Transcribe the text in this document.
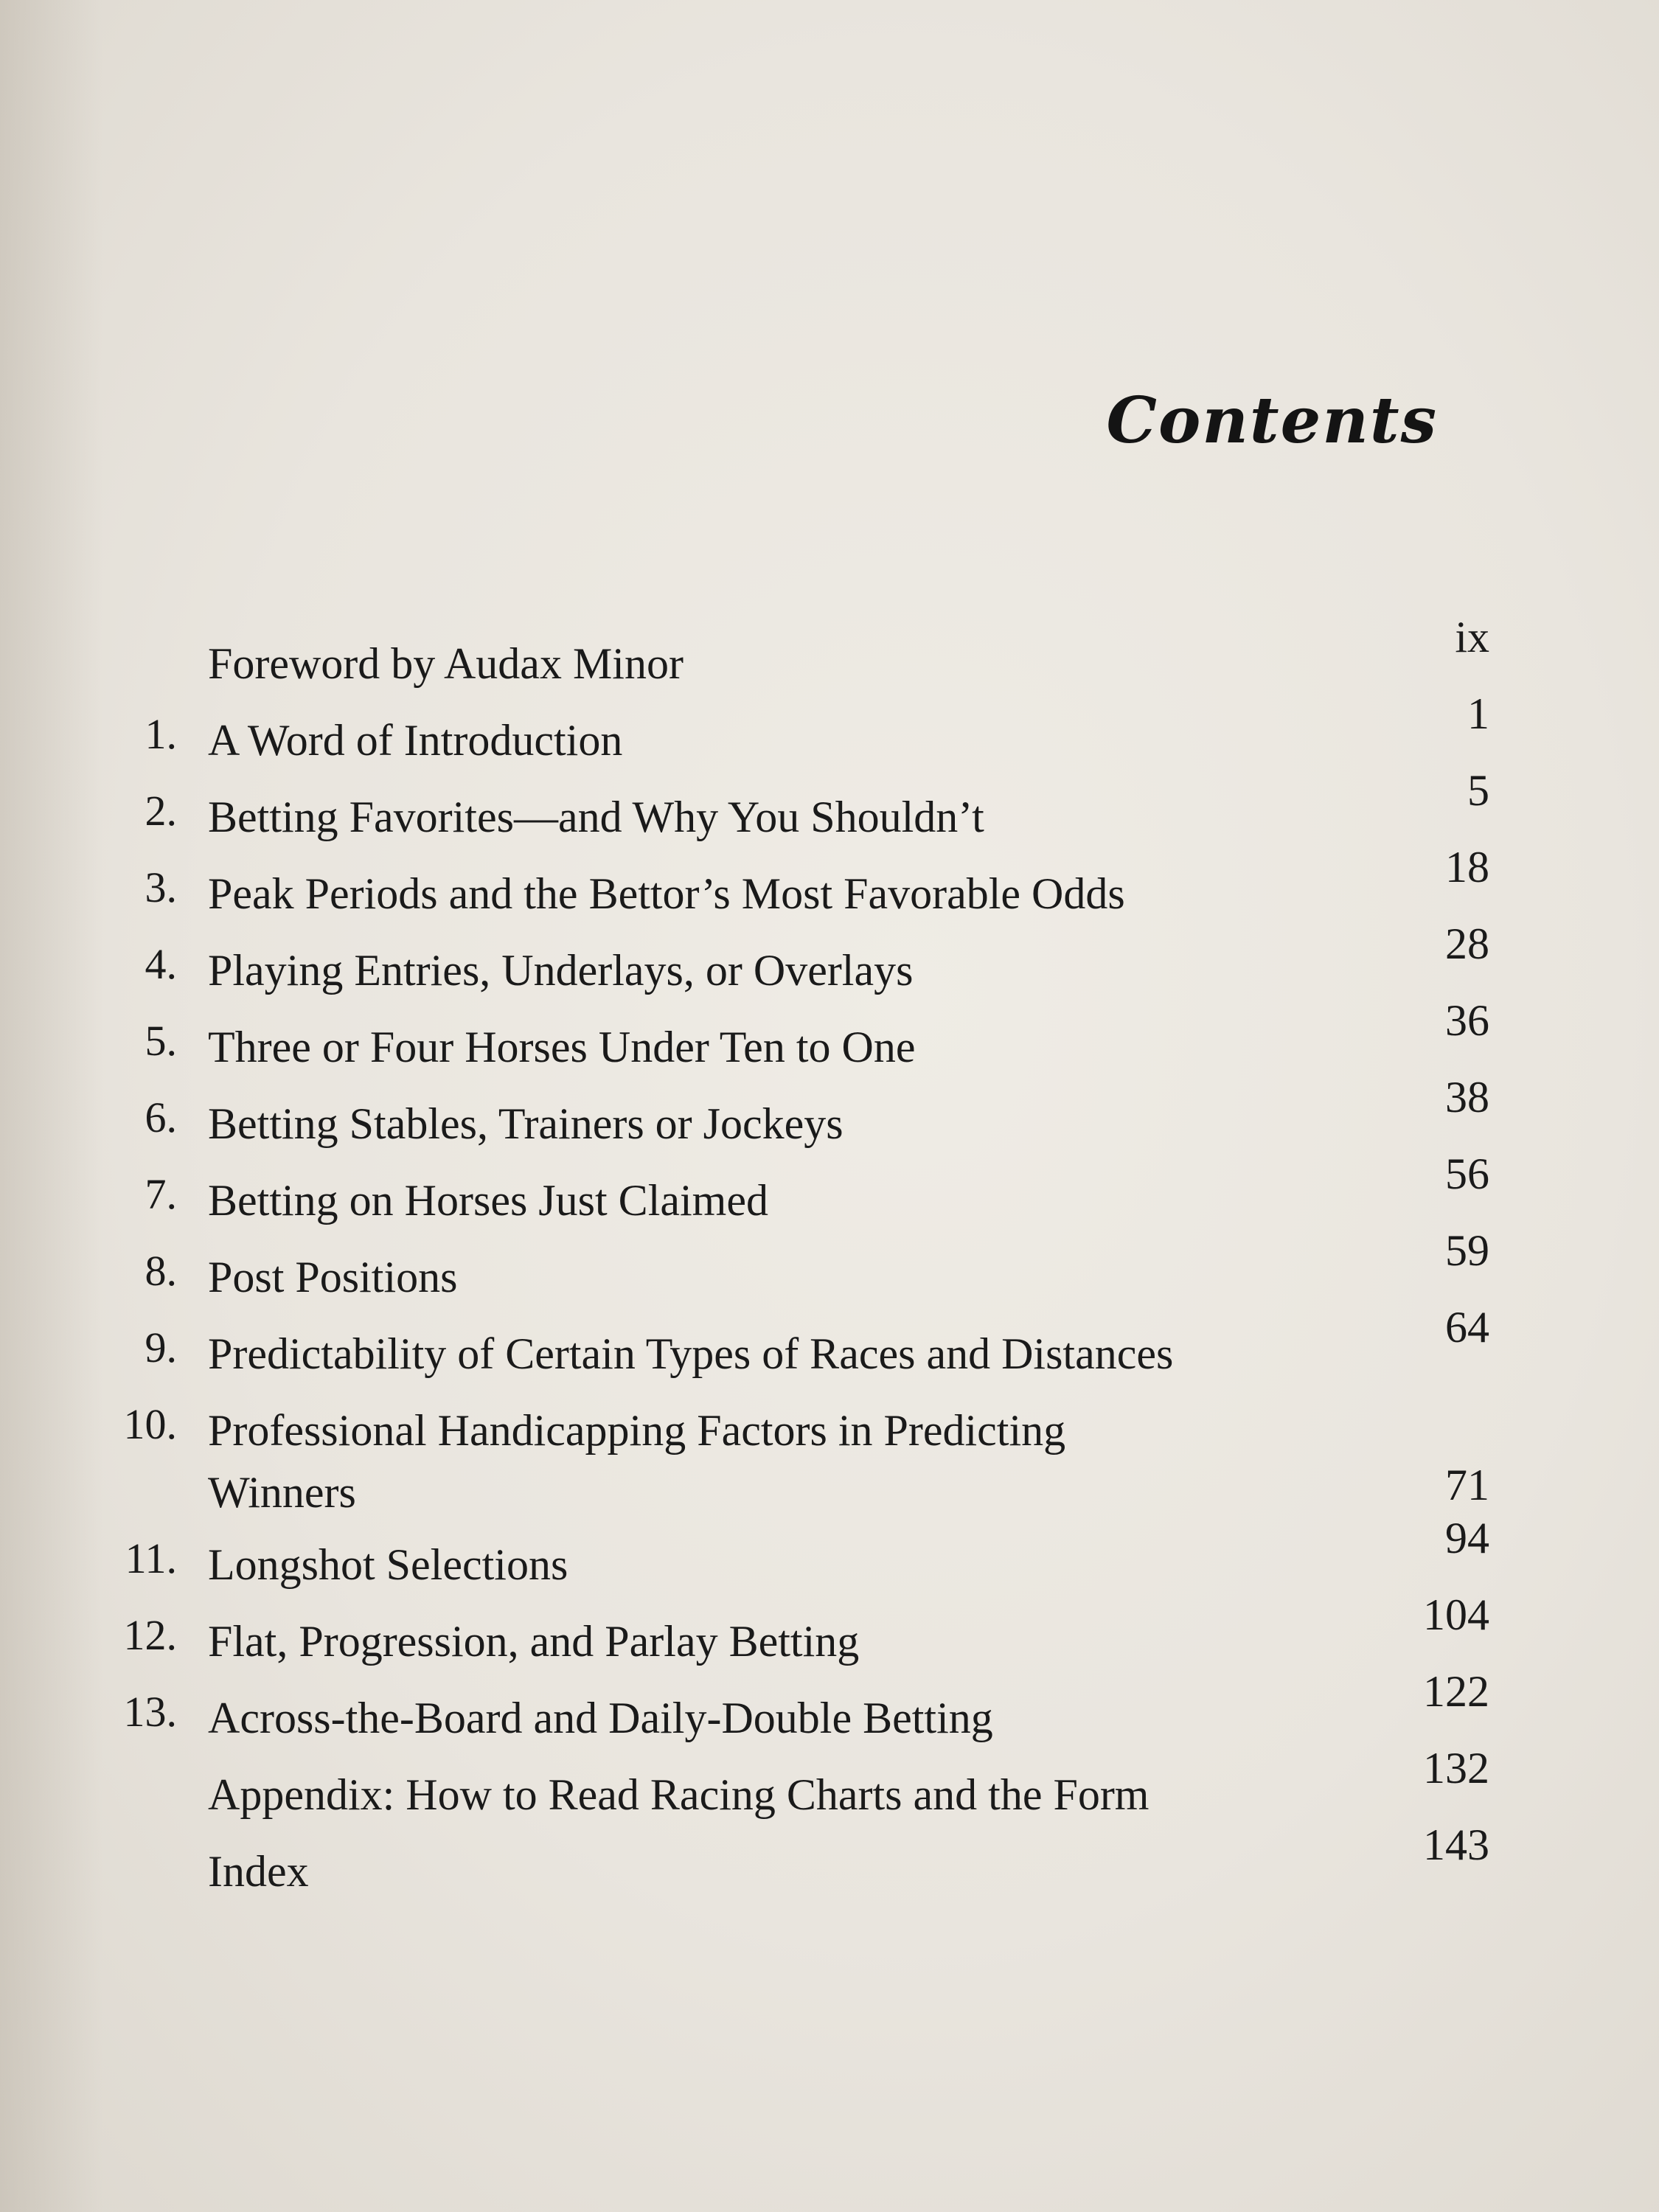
Contents
Foreword by Audax Minor
ix
1. A Word of Introduction
1
2. Betting Favorites—and Why You Shouldn’t
5
3. Peak Periods and the Bettor’s Most Favorable Odds
18
4. Playing Entries, Underlays, or Overlays
28
5. Three or Four Horses Under Ten to One
36
6. Betting Stables, Trainers or Jockeys
38
7. Betting on Horses Just Claimed
56
8. Post Positions
59
9. Predictability of Certain Types of Races and Distances
64
10. Professional Handicapping Factors in Predicting Winners	71
11. Longshot Selections
94
12. Flat, Progression, and Parlay Betting
104
13. Across-the-Board and Daily-Double Betting
122
Appendix: How to Read Racing Charts and the Form
132
Index
143
